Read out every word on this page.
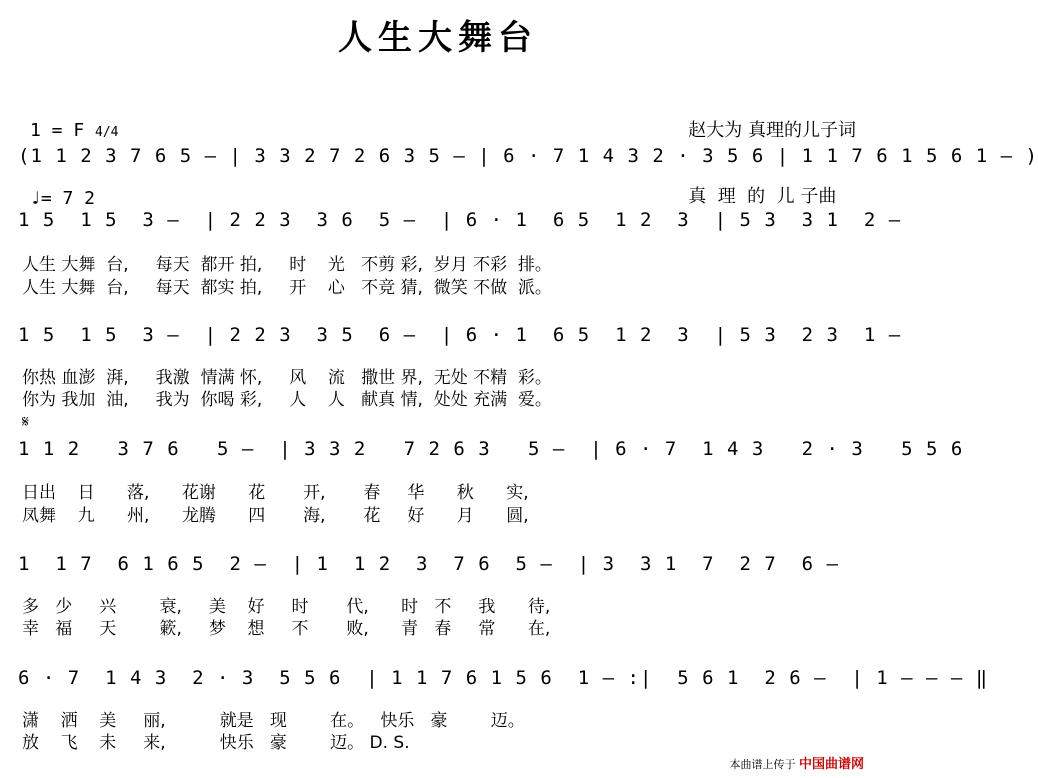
人生大舞台

1 = F 4/4

♩= 7 2

赵大为 真理的儿子词

真  理  的  儿 子曲

(1 1 2 3 7 6 5 – | 3 3 2 7 2 6 3 5 – | 6 · 7 1 4 3 2 · 3 5 6 | 1 1 7 6 1 5 6 1 – )
1 5  1 5  3 –  | 2 2 3  3 6  5 –  | 6 · 1  6 5  1 2  3  | 5 3  3 1  2 –
人生 大舞  台,     每天  都开 拍,     时    光   不剪 彩,  岁月 不彩  排。
人生 大舞  台,     每天  都实 拍,     开    心   不竞 猜,  微笑 不做  派。
1 5  1 5  3 –  | 2 2 3  3 5  6 –  | 6 · 1  6 5  1 2  3  | 5 3  2 3  1 –
你热 血澎  湃,     我激  情满 怀,     风    流   撒世 界,  无处 不精  彩。
你为 我加  油,     我为  你喝 彩,     人    人   献真 情,  处处 充满  爱。
𝄋
1 1 2   3 7 6   5 –  | 3 3 2   7 2 6 3   5 –  | 6 · 7  1 4 3   2 · 3   5 5 6
日出    日      落,      花谢      花       开,       春     华      秋      实,
凤舞    九      州,      龙腾      四       海,       花     好      月      圆,
1  1 7  6 1 6 5  2 –  | 1  1 2  3  7 6  5 –  | 3  3 1  7  2 7  6 –
多   少     兴        衰,     美    好     时       代,      时   不     我      待,
幸   福     天        簌,     梦    想     不       败,      青   春     常      在,
6 · 7  1 4 3  2 · 3  5 5 6  | 1 1 7 6 1 5 6  1 – :|  5 6 1  2 6 –  | 1 – – – ‖
潇    洒    美     丽,          就是   现        在。   快乐   豪        迈。
放    飞    未     来,          快乐   豪        迈。 D. S.
本曲谱上传于 中国曲谱网
